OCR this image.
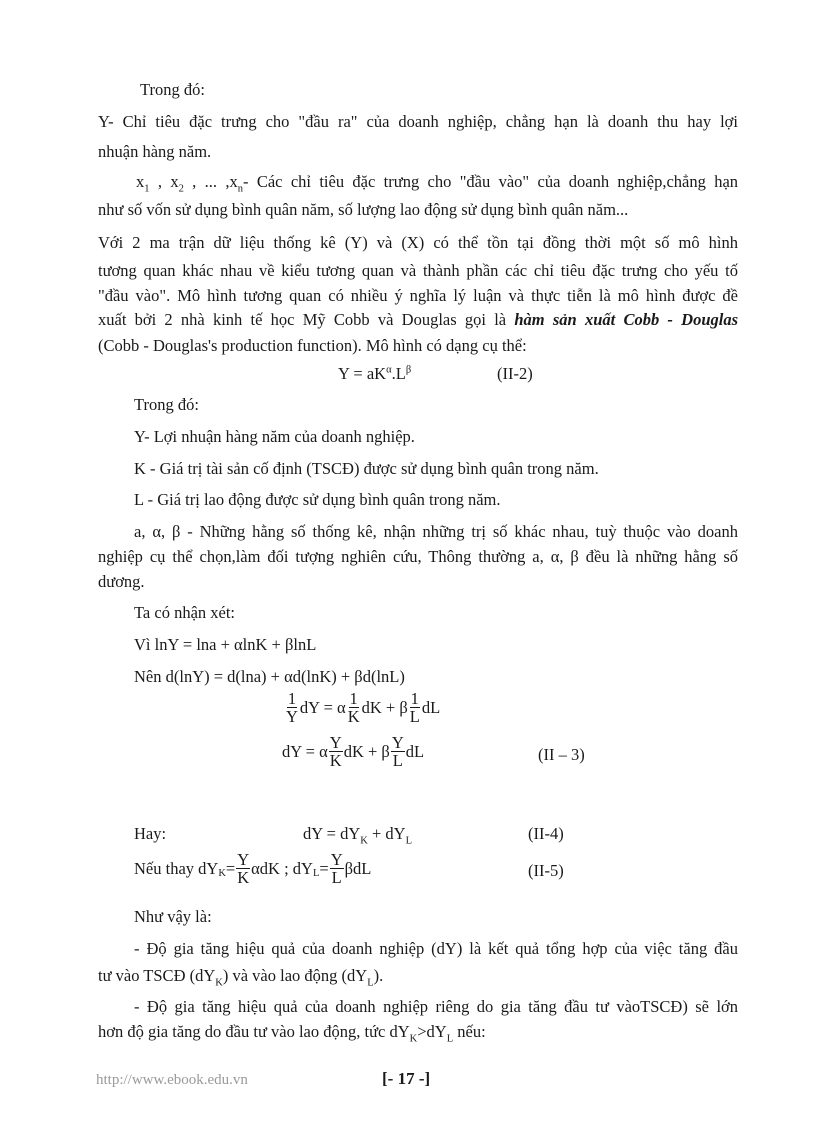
Trong đó:
Y- Chỉ tiêu đặc trưng cho "đầu ra" của doanh nghiệp, chẳng hạn là doanh thu hay lợi
nhuận hàng năm.
$x_1$ , $x_2$ , ... $,x_n-$ Các chỉ tiêu đặc trưng cho "đầu vào" của doanh nghiệp,chẳng hạn
như số vốn sử dụng bình quân năm, số lượng lao động sử dụng bình quân năm...
Với 2 ma trận dữ liệu thống kê (Y) và (X) có thể tồn tại đồng thời một số mô hình
tương quan khác nhau về kiểu tương quan và thành phần các chỉ tiêu đặc trưng cho yếu tố
"đầu vào". Mô hình tương quan có nhiều ý nghĩa lý luận và thực tiễn là mô hình được đề
xuất bởi 2 nhà kinh tế học Mỹ Cobb và Douglas gọi là hàm sản xuất Cobb - Douglas
(Cobb - Douglas's production function). Mô hình có dạng cụ thể:
$Y = aK^\alpha.L^\beta$	(II-2)
Trong đó:
Y- Lợi nhuận hàng năm của doanh nghiệp.
K - Giá trị tài sản cố định (TSCĐ) được sử dụng bình quân trong năm.
L - Giá trị lao động được sử dụng bình quân trong năm.
a, α, β - Những hằng số thống kê, nhận những trị số khác nhau, tuỳ thuộc vào doanh
nghiệp cụ thể chọn,làm đối tượng nghiên cứu, Thông thường a, α, β đều là những hằng số
dương.
Ta có nhận xét:
Vì lnY = lna + αlnK + βlnL
Nên d(lnY) = d(lna) + αd(lnK) + βd(lnL)
$\frac{1}{Y}$ dY = α $\frac{1}{K}$ dK + β $\frac{1}{L}$ dL
dY = α $\frac{Y}{K}$ dK + β $\frac{Y}{L}$ dL	(II – 3)
Hay:	dY = $dY_K + dY_L$	(II-4)
Nếu thay $dY_K = \frac{Y}{K}$ αdK ; $dY_L = \frac{Y}{L}$ βdL	(II-5)
Như vậy là:
- Độ gia tăng hiệu quả của doanh nghiệp (dY) là kết quả tổng hợp của việc tăng đầu
tư vào TSCĐ $(dY_K)$ và vào lao động $(dY_L)$.
- Độ gia tăng hiệu quả của doanh nghiệp riêng do gia tăng đầu tư vàoTSCĐ) sẽ lớn
hơn độ gia tăng do đầu tư vào lao động, tức $dY_K>dY_L$ nếu:
http://www.ebook.edu.vn	[- 17 -]
